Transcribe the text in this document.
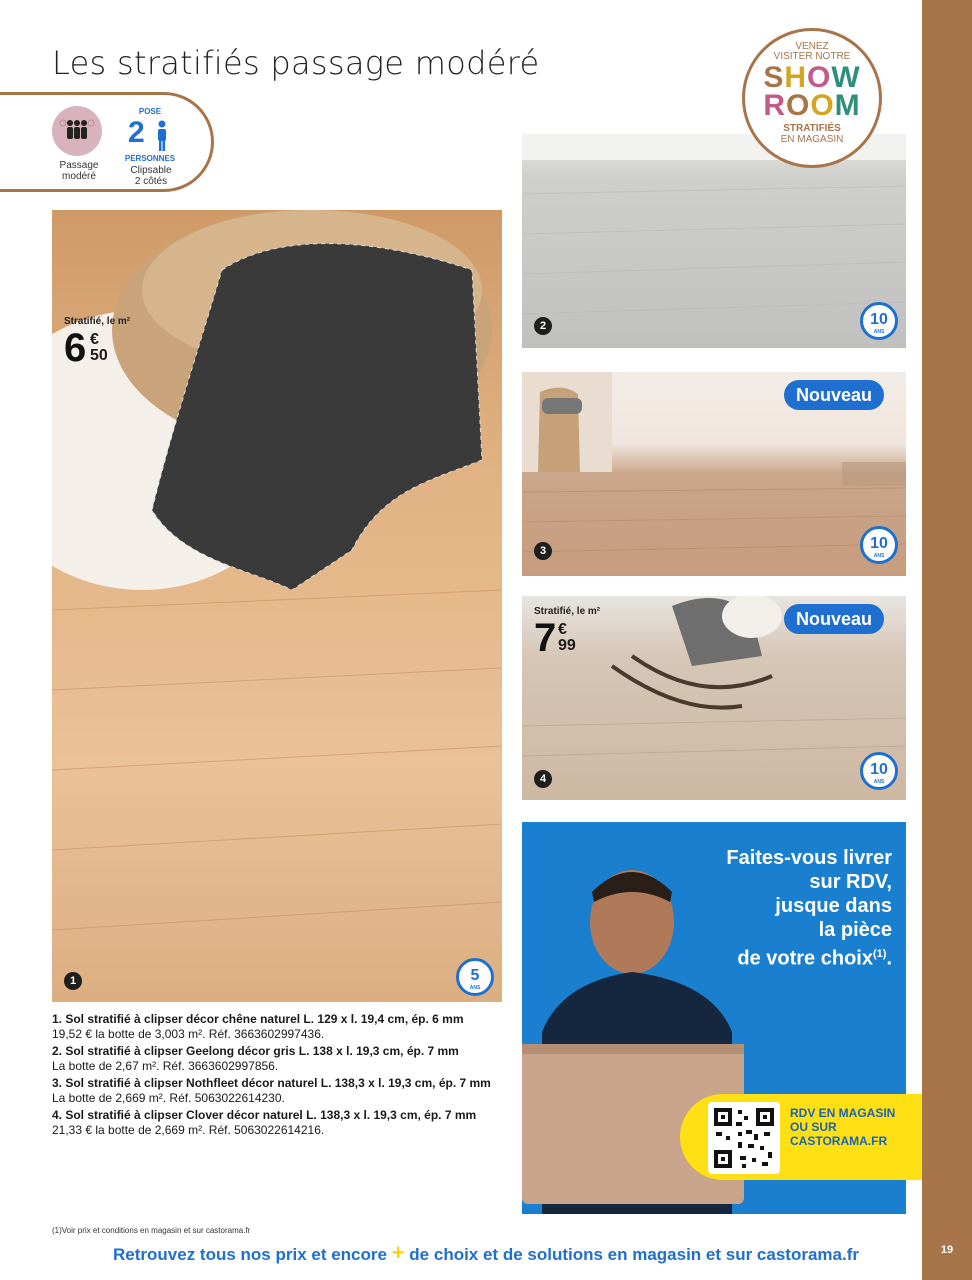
19
Les stratifiés passage modéré
Passage
modéré
POSE
2
PERSONNES
Clipsable
2 côtés
VENEZ
VISITER NOTRE
SHOW
ROOM
STRATIFIÉS
EN MAGASIN
Stratifié, le m²
6 €
50
1	5
ANS
2	10
ANS
Nouveau
3	10
ANS
Stratifié, le m²
7 €
99
Nouveau
4
10
ANS
1. Sol stratifié à clipser décor chêne naturel L. 129 x l. 19,4 cm, ép. 6 mm
19,52 € la botte de 3,003 m². Réf. 3663602997436.
2. Sol stratifié à clipser Geelong décor gris L. 138 x l. 19,3 cm, ép. 7 mm
La botte de 2,67 m². Réf. 3663602997856.
3. Sol stratifié à clipser Nothfleet décor naturel L. 138,3 x l. 19,3 cm, ép. 7 mm
La botte de 2,669 m². Réf. 5063022614230.
4. Sol stratifié à clipser Clover décor naturel L. 138,3 x l. 19,3 cm, ép. 7 mm
21,33 € la botte de 2,669 m². Réf. 5063022614216.
(1)Voir prix et conditions en magasin et sur castorama.fr
Faites-vous livrer
sur RDV,
jusque dans
la pièce
de votre choix$^{(1)}$.
RDV EN MAGASIN OU SUR CASTORAMA.FR
Retrouvez tous nos prix et encore + de choix et de solutions en magasin et sur castorama.fr
